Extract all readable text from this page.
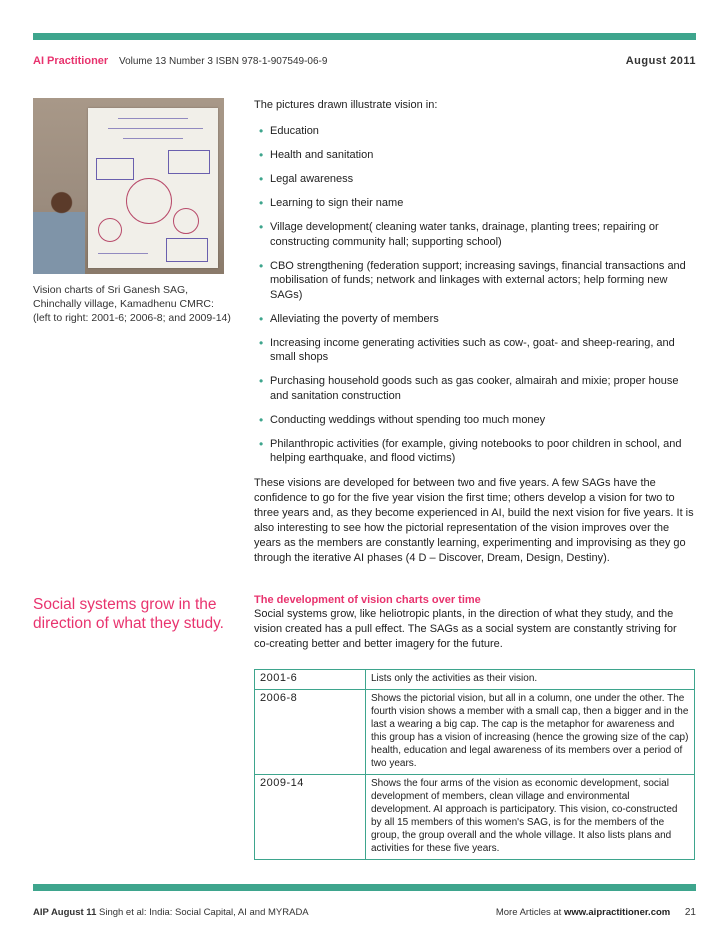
AI Practitioner Volume 13 Number 3 ISBN 978-1-907549-06-9	August 2011
Vision charts of Sri Ganesh SAG, Chinchally village, Kamadhenu CMRC: (left to right: 2001-6; 2006-8; and 2009-14)
Social systems grow in the direction of what they study.
The pictures drawn illustrate vision in:
• Education
• Health and sanitation
• Legal awareness
• Learning to sign their name
• Village development( cleaning water tanks, drainage, planting trees; repairing or constructing community hall; supporting school)
• CBO strengthening (federation support; increasing savings, financial transactions and mobilisation of funds; network and linkages with external actors; help forming new SAGs)
• Alleviating the poverty of members
• Increasing income generating activities such as cow-, goat- and sheep-rearing, and small shops
• Purchasing household goods such as gas cooker, almairah and mixie; proper house and sanitation construction
• Conducting weddings without spending too much money
• Philanthropic activities (for example, giving notebooks to poor children in school, and helping earthquake, and flood victims)
These visions are developed for between two and five years. A few SAGs have the confidence to go for the five year vision the first time; others develop a vision for two to three years and, as they become experienced in AI, build the next vision for five years. It is also interesting to see how the pictorial representation of the vision improves over the years as the members are constantly learning, experimenting and improvising as they go through the iterative AI phases (4 D – Discover, Dream, Design, Destiny).
The development of vision charts over time
Social systems grow, like heliotropic plants, in the direction of what they study, and the vision created has a pull effect. The SAGs as a social system are constantly striving for co-creating better and better imagery for the future.
2001-6	Lists only the activities as their vision.
2006-8	Shows the pictorial vision, but all in a column, one under the other. The fourth vision shows a member with a small cap, then a bigger and in the last a wearing a big cap. The cap is the metaphor for awareness and this group has a vision of increasing (hence the growing size of the cap) health, education and legal awareness of its members over a period of two years.
2009-14	Shows the four arms of the vision as economic development, social development of members, clean village and environmental development. AI approach is participatory. This vision, co-constructed by all 15 members of this women's SAG, is for the members of the group, the group overall and the whole village. It also lists plans and activities for these five years.
AIP August 11 Singh et al: India: Social Capital, AI and MYRADA	More Articles at www.aipractitioner.com 21
